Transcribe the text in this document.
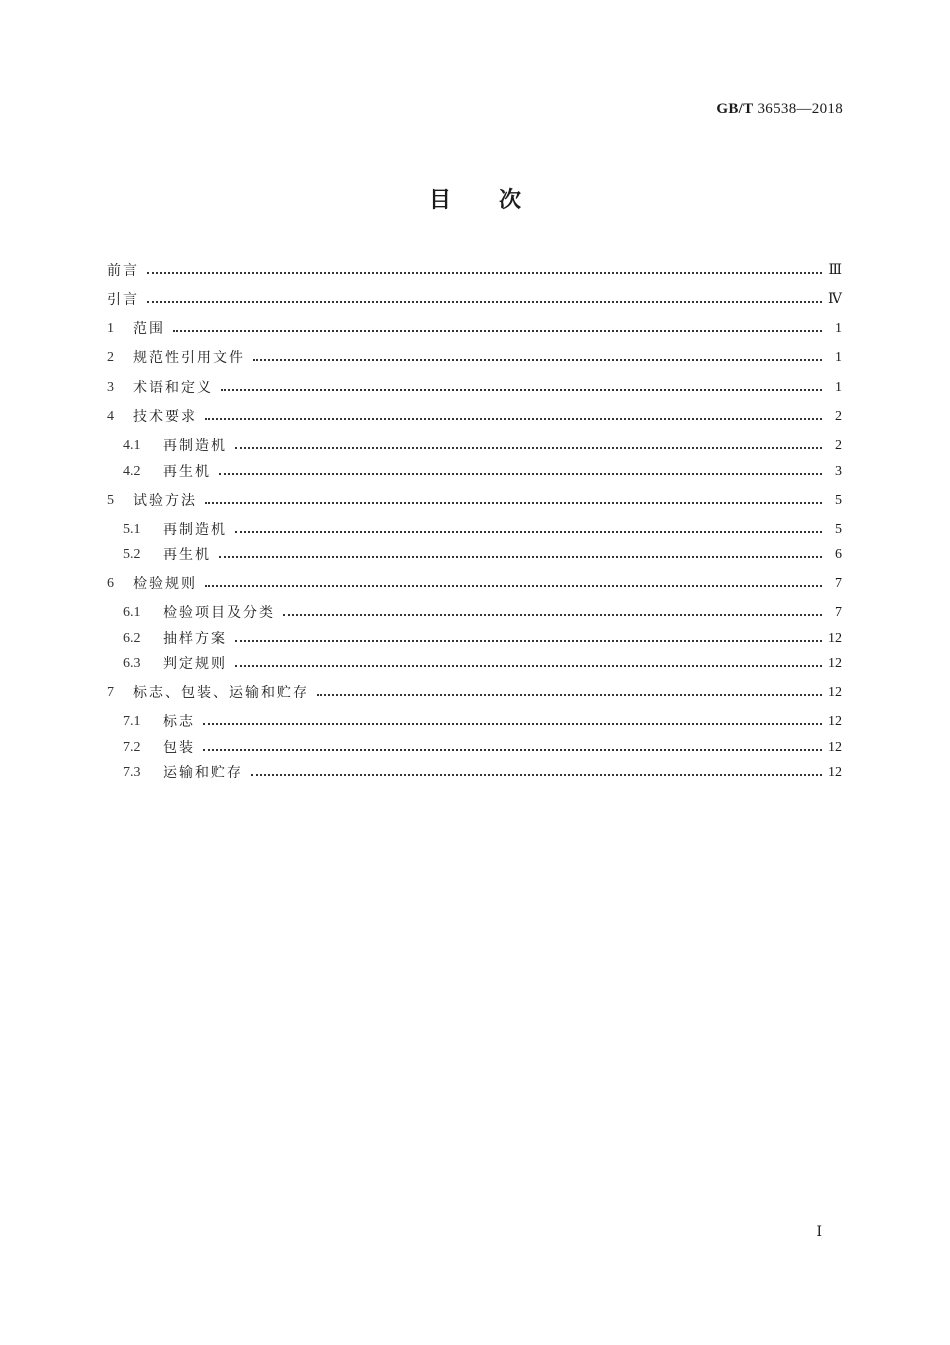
GB/T 36538—2018
目次
前言	Ⅲ
引言	Ⅳ
1	范围	1
2	规范性引用文件	1
3	术语和定义	1
4	技术要求	2
4.1	再制造机	2
4.2	再生机	3
5	试验方法	5
5.1	再制造机	5
5.2	再生机	6
6	检验规则	7
6.1	检验项目及分类	7
6.2	抽样方案	12
6.3	判定规则	12
7	标志、包装、运输和贮存	12
7.1	标志	12
7.2	包装	12
7.3	运输和贮存	12
Ⅰ
